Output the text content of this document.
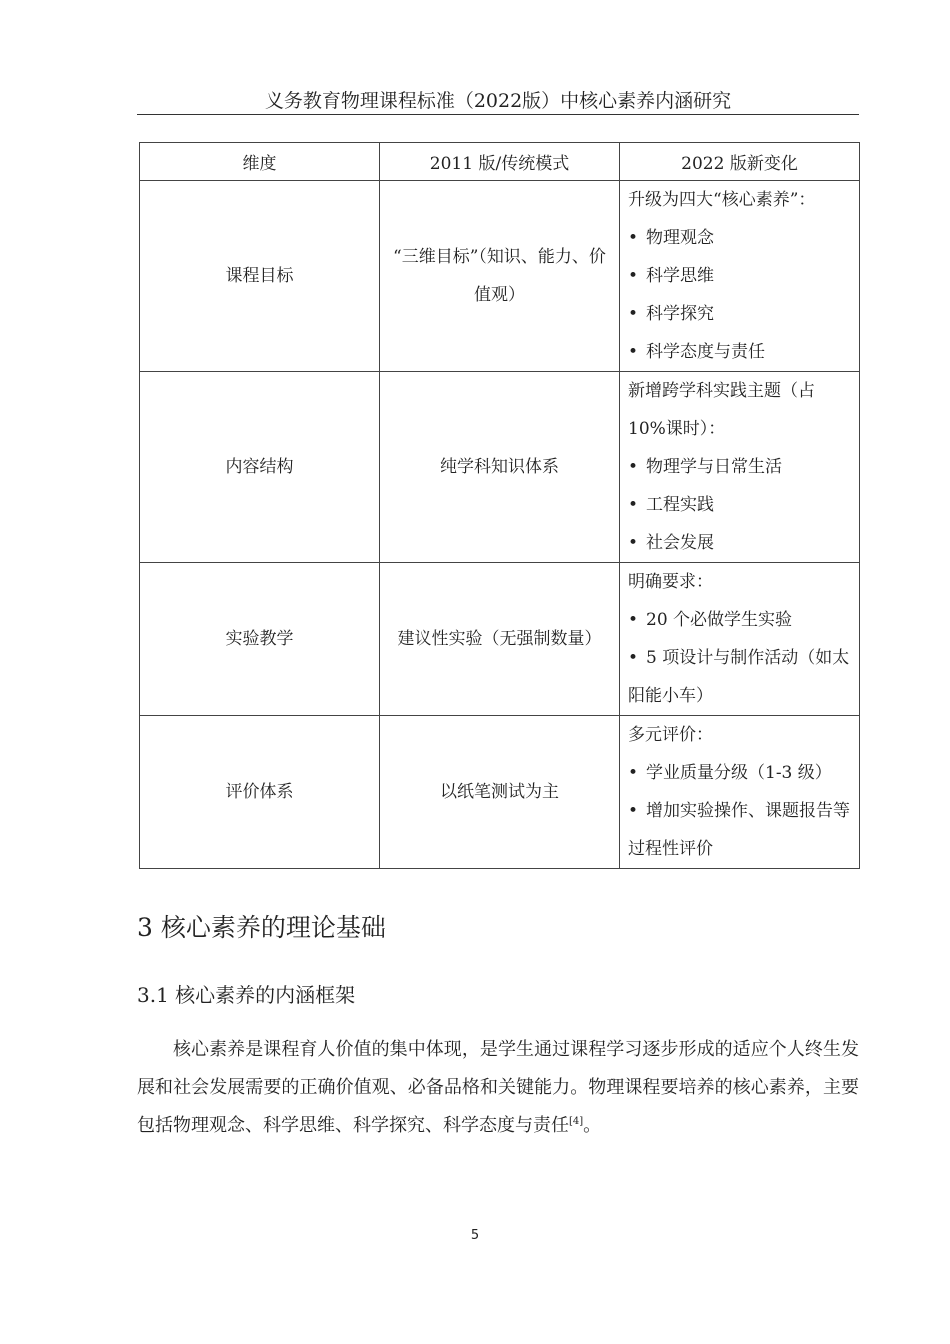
义务教育物理课程标准（2022版）中核心素养内涵研究
维度	2011 版/传统模式	2022 版新变化
课程目标	“三维目标”（知识、能力、价值观）	升级为四大“核心素养”：
• 物理观念
• 科学思维
• 科学探究
• 科学态度与责任

内容结构	纯学科知识体系	新增跨学科实践主题（占 10%课时）：
• 物理学与日常生活
• 工程实践
• 社会发展

实验教学	建议性实验（无强制数量）	明确要求：
• 20 个必做学生实验
• 5 项设计与制作活动（如太阳能小车）

评价体系	以纸笔测试为主	多元评价：
• 学业质量分级（1-3 级）
• 增加实验操作、课题报告等过程性评价
3 核心素养的理论基础
3.1 核心素养的内涵框架

核心素养是课程育人价值的集中体现，是学生通过课程学习逐步形成的适应个人终生发展和社会发展需要的正确价值观、必备品格和关键能力。物理课程要培养的核心素养，主要包括物理观念、科学思维、科学探究、科学态度与责任[4]。

5
